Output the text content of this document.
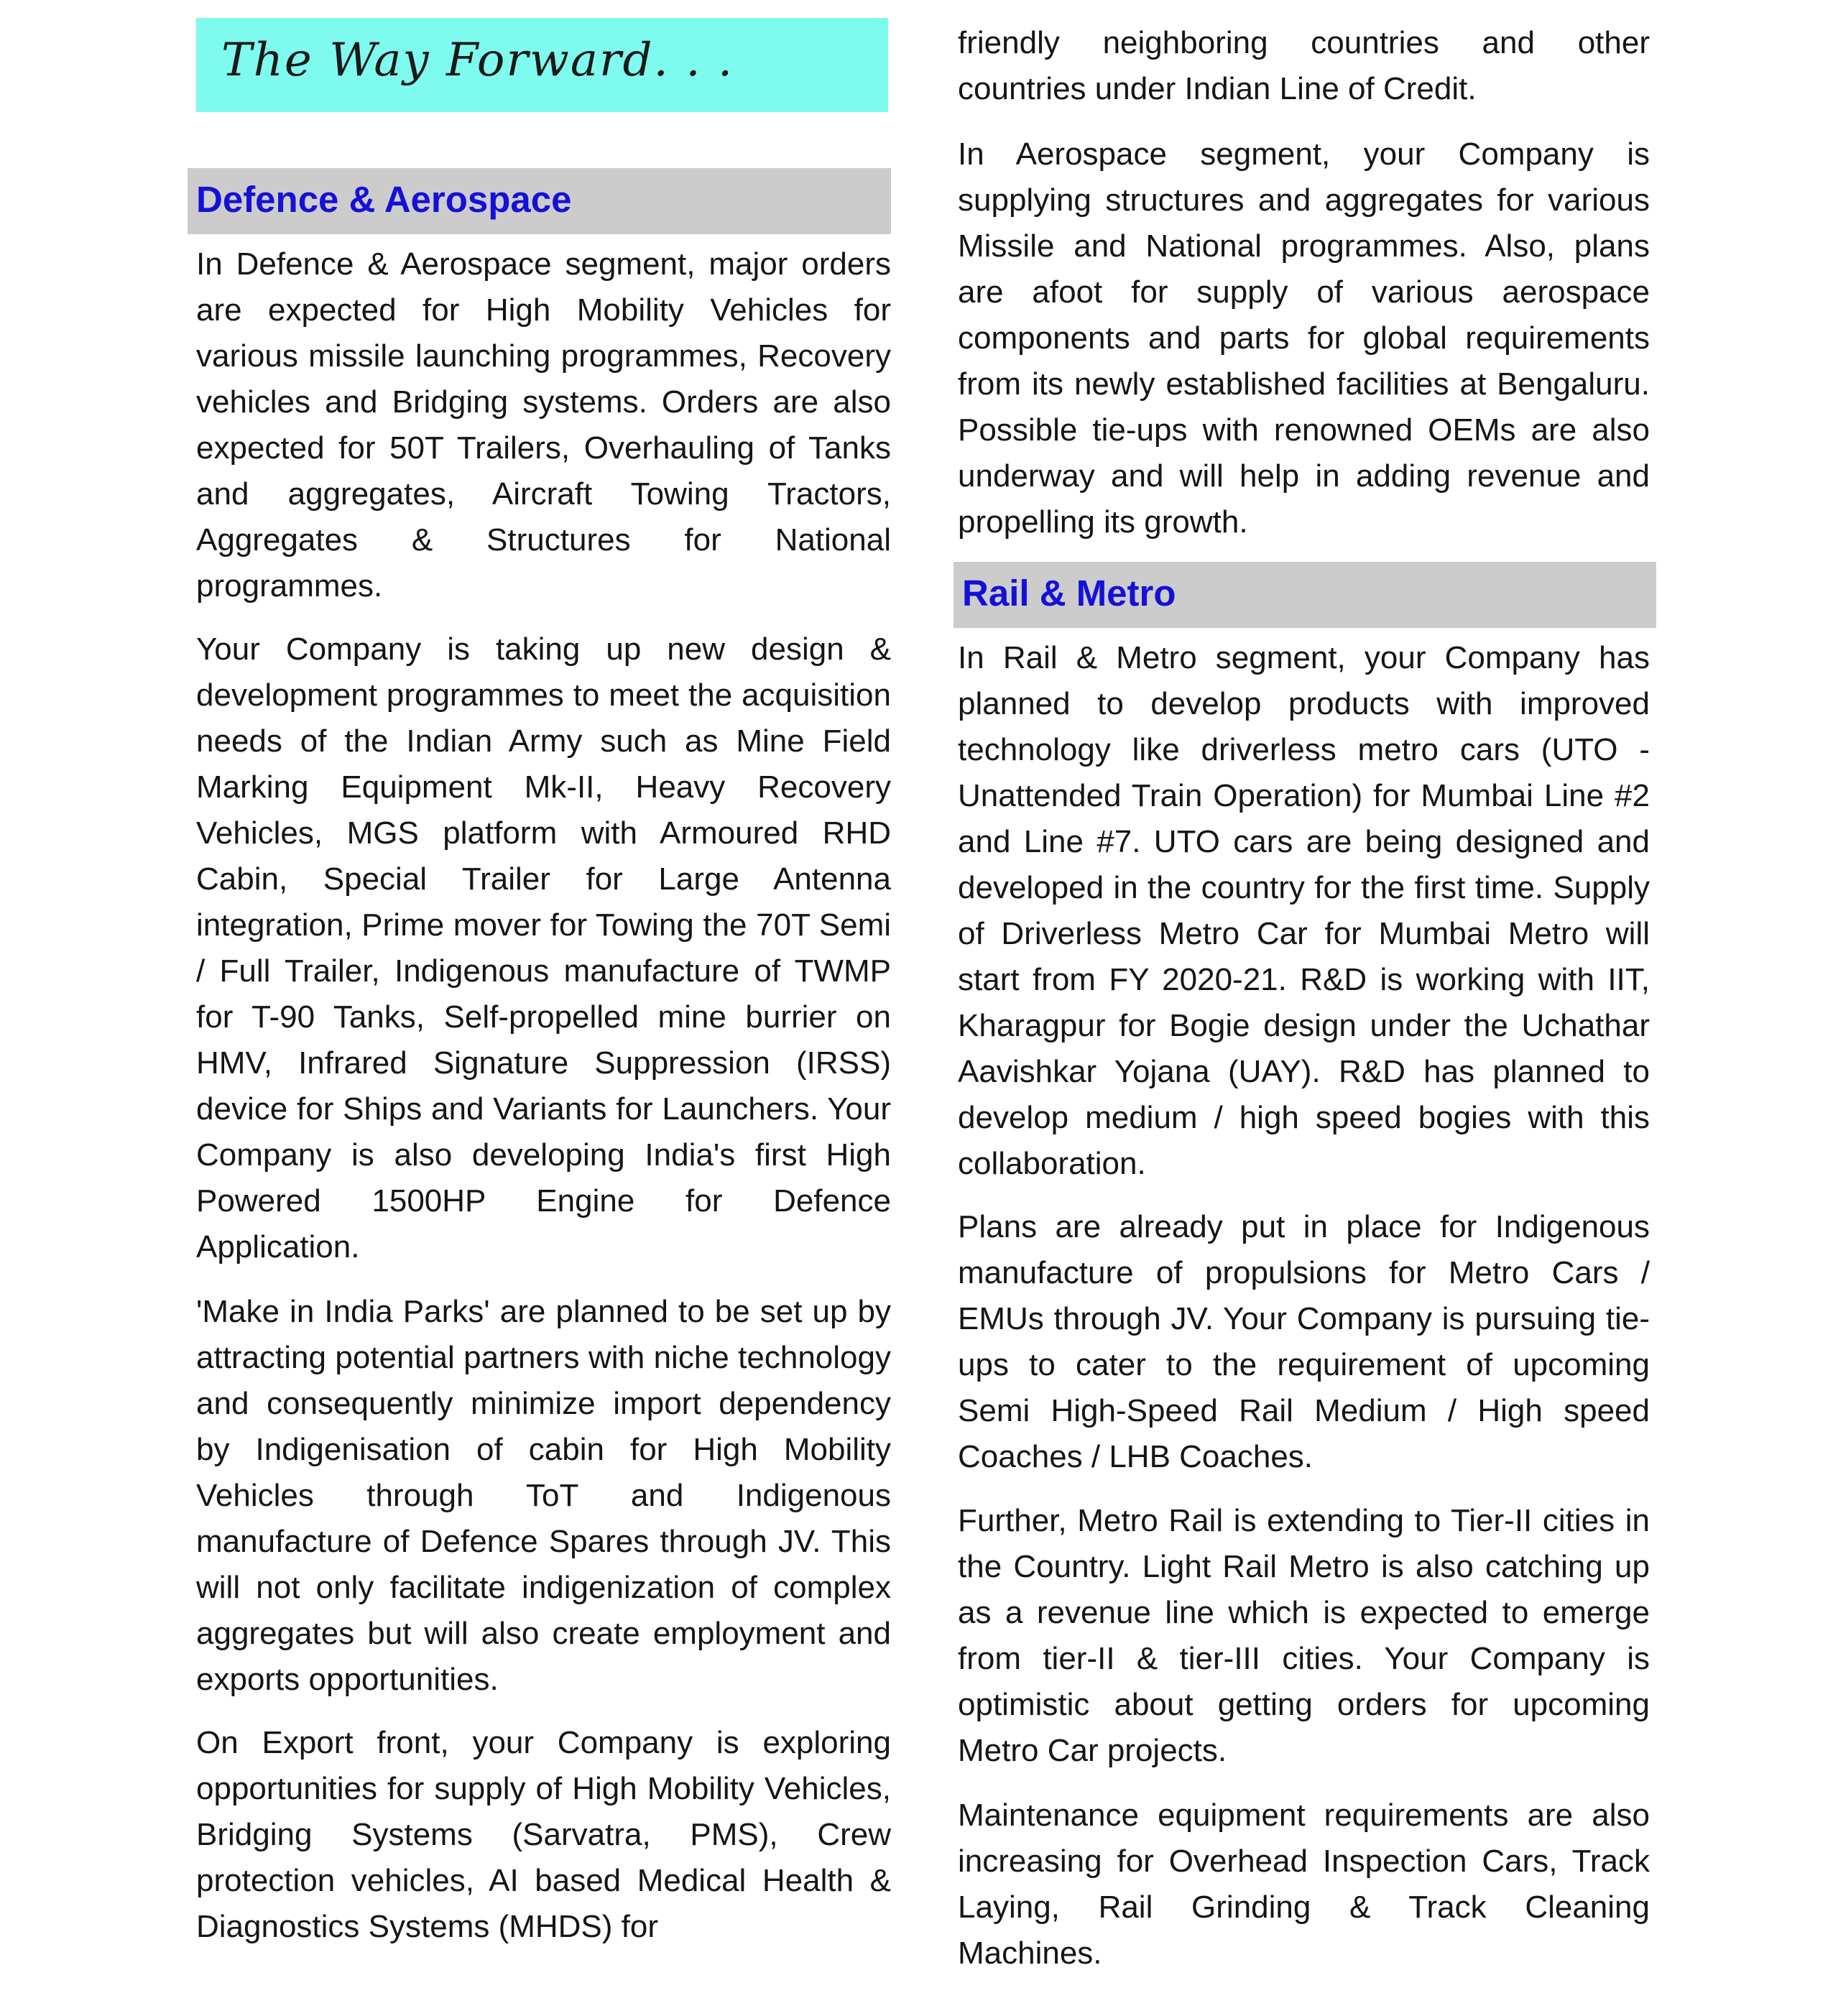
The Way Forward. . .
Defence & Aerospace

In Defence & Aerospace segment, major orders are expected for High Mobility Vehicles for various missile launching programmes, Recovery vehicles and Bridging systems. Orders are also expected for 50T Trailers, Overhauling of Tanks and aggregates, Aircraft Towing Tractors, Aggregates & Structures for National programmes.

Your Company is taking up new design & development programmes to meet the acquisition needs of the Indian Army such as Mine Field Marking Equipment Mk-II, Heavy Recovery Vehicles, MGS platform with Armoured RHD Cabin, Special Trailer for Large Antenna integration, Prime mover for Towing the 70T Semi / Full Trailer, Indigenous manufacture of TWMP for T-90 Tanks, Self-propelled mine burrier on HMV, Infrared Signature Suppression (IRSS) device for Ships and Variants for Launchers. Your Company is also developing India's first High Powered 1500HP Engine for Defence Application.

'Make in India Parks' are planned to be set up by attracting potential partners with niche technology and consequently minimize import dependency by Indigenisation of cabin for High Mobility Vehicles through ToT and Indigenous manufacture of Defence Spares through JV. This will not only facilitate indigenization of complex aggregates but will also create employment and exports opportunities.

On Export front, your Company is exploring opportunities for supply of High Mobility Vehicles, Bridging Systems (Sarvatra, PMS), Crew protection vehicles, AI based Medical Health & Diagnostics Systems (MHDS) for

friendly neighboring countries and other countries under Indian Line of Credit.

In Aerospace segment, your Company is supplying structures and aggregates for various Missile and National programmes. Also, plans are afoot for supply of various aerospace components and parts for global requirements from its newly established facilities at Bengaluru. Possible tie-ups with renowned OEMs are also underway and will help in adding revenue and propelling its growth.

Rail & Metro

In Rail & Metro segment, your Company has planned to develop products with improved technology like driverless metro cars (UTO - Unattended Train Operation) for Mumbai Line #2 and Line #7. UTO cars are being designed and developed in the country for the first time. Supply of Driverless Metro Car for Mumbai Metro will start from FY 2020-21. R&D is working with IIT, Kharagpur for Bogie design under the Uchathar Aavishkar Yojana (UAY). R&D has planned to develop medium / high speed bogies with this collaboration.

Plans are already put in place for Indigenous manufacture of propulsions for Metro Cars / EMUs through JV. Your Company is pursuing tie-ups to cater to the requirement of upcoming Semi High-Speed Rail Medium / High speed Coaches / LHB Coaches.

Further, Metro Rail is extending to Tier-II cities in the Country. Light Rail Metro is also catching up as a revenue line which is expected to emerge from tier-II & tier-III cities. Your Company is optimistic about getting orders for upcoming Metro Car projects.

Maintenance equipment requirements are also increasing for Overhead Inspection Cars, Track Laying, Rail Grinding & Track Cleaning Machines.
